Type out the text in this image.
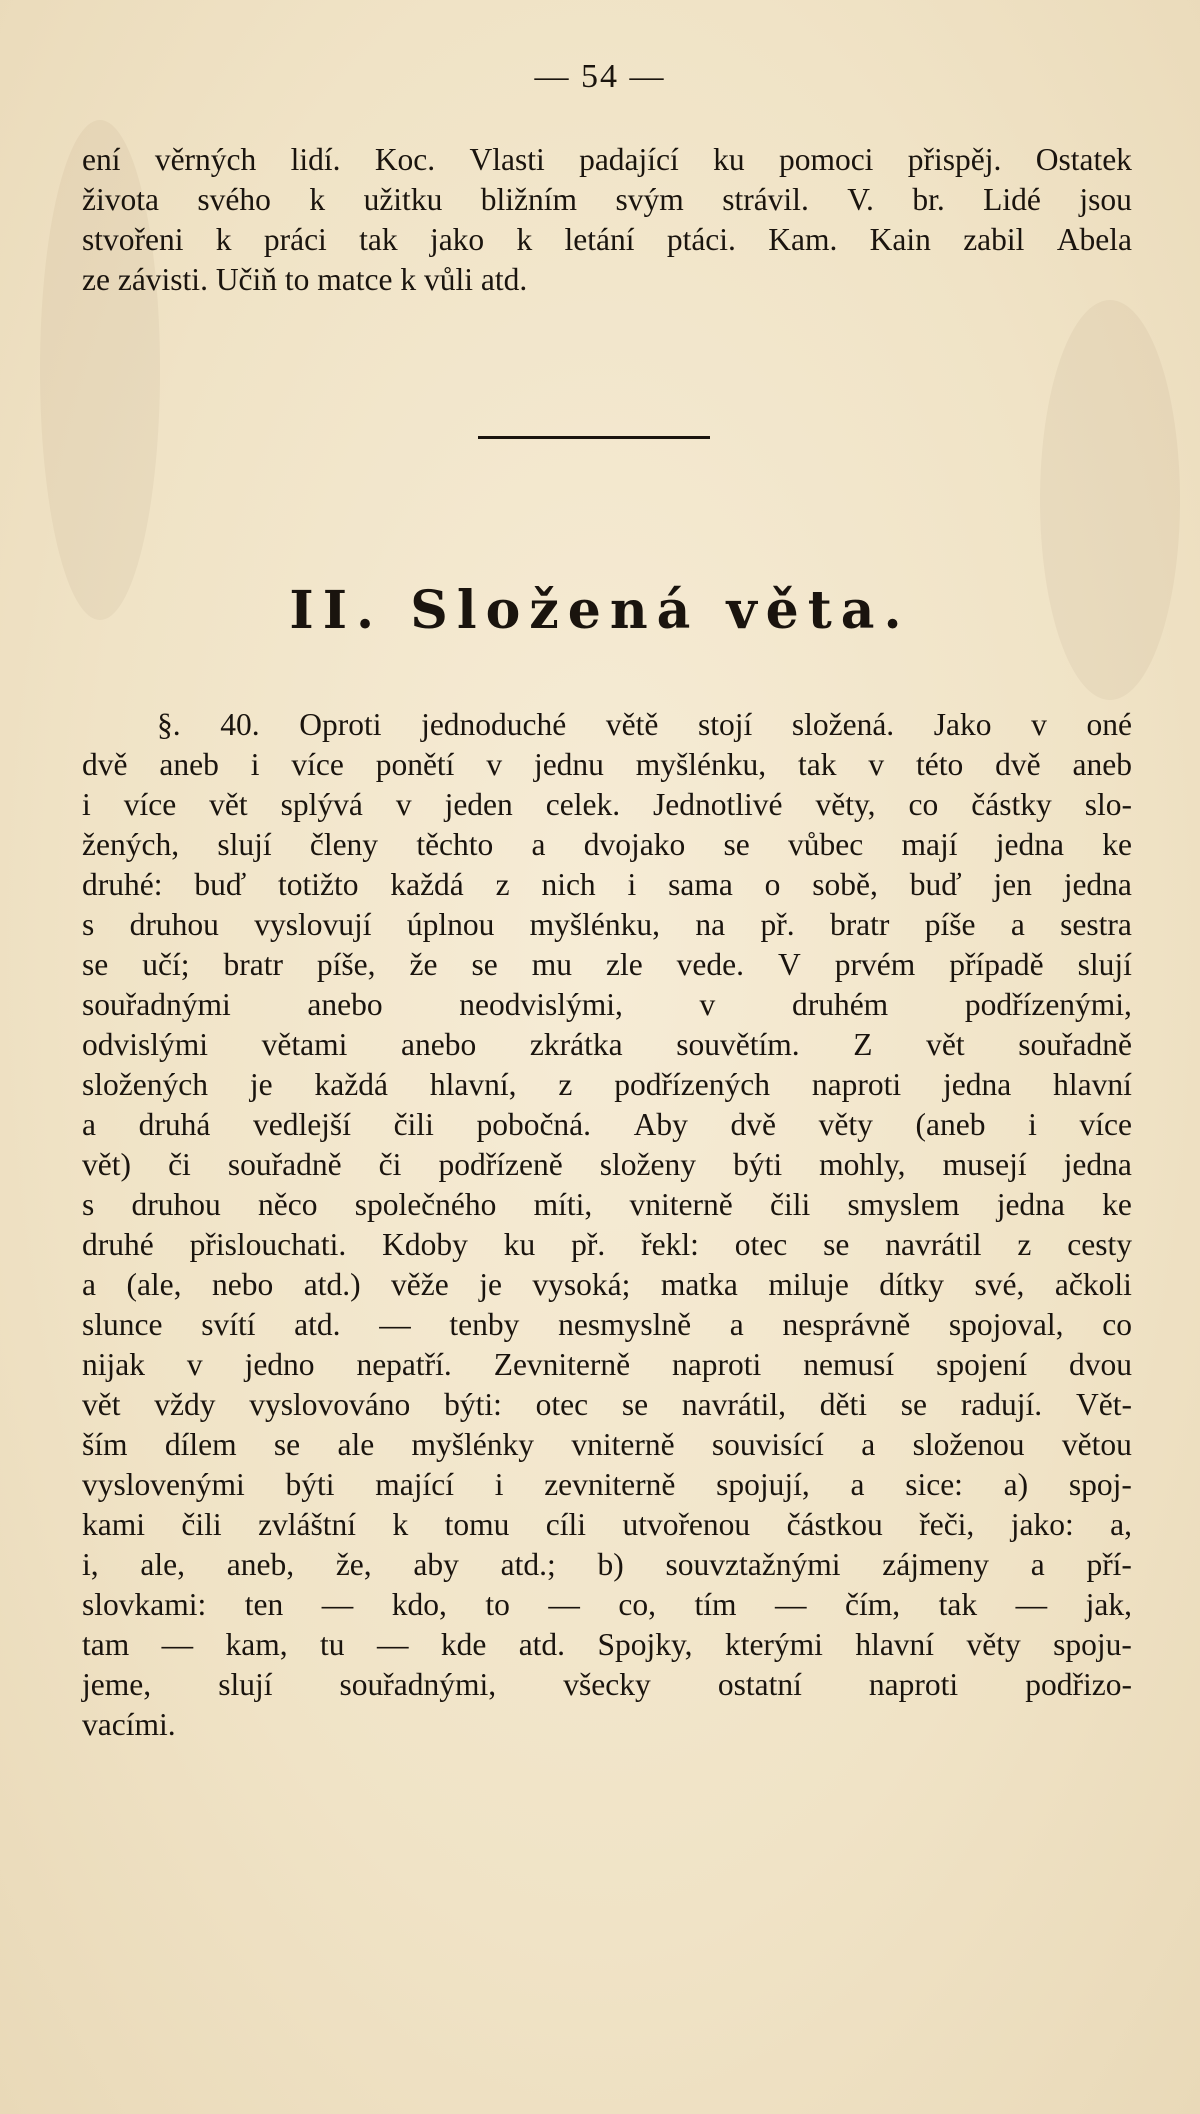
— 54 —
ení věrných lidí. Koc. Vlasti padající ku pomoci přispěj. Ostatek
života svého k užitku bližním svým strávil. V. br. Lidé jsou
stvořeni k práci tak jako k letání ptáci. Kam. Kain zabil Abela
ze závisti. Učiň to matce k vůli atd.
II. Složená věta.
§. 40. Oproti jednoduché větě stojí složená. Jako v oné
dvě aneb i více ponětí v jednu myšlénku, tak v této dvě aneb
i více vět splývá v jeden celek. Jednotlivé věty, co částky slo-
žených, slují členy těchto a dvojako se vůbec mají jedna ke
druhé: buď totižto každá z nich i sama o sobě, buď jen jedna
s druhou vyslovují úplnou myšlénku, na př. bratr píše a sestra
se učí; bratr píše, že se mu zle vede. V prvém případě slují
souřadnými anebo neodvislými, v druhém podřízenými,
odvislými větami anebo zkrátka souvětím. Z vět souřadně
složených je každá hlavní, z podřízených naproti jedna hlavní
a druhá vedlejší čili pobočná. Aby dvě věty (aneb i více
vět) či souřadně či podřízeně složeny býti mohly, musejí jedna
s druhou něco společného míti, vniterně čili smyslem jedna ke
druhé přislouchati. Kdoby ku př. řekl: otec se navrátil z cesty
a (ale, nebo atd.) věže je vysoká; matka miluje dítky své, ačkoli
slunce svítí atd. — tenby nesmyslně a nesprávně spojoval, co
nijak v jedno nepatří. Zevniterně naproti nemusí spojení dvou
vět vždy vyslovováno býti: otec se navrátil, děti se radují. Vět-
ším dílem se ale myšlénky vniterně souvisící a složenou větou
vyslovenými býti mající i zevniterně spojují, a sice: a) spoj-
kami čili zvláštní k tomu cíli utvořenou částkou řeči, jako: a,
i, ale, aneb, že, aby atd.; b) souvztažnými zájmeny a pří-
slovkami: ten — kdo, to — co, tím — čím, tak — jak,
tam — kam, tu — kde atd. Spojky, kterými hlavní věty spoju-
jeme, slují souřadnými, všecky ostatní naproti podřizo-
vacími.
